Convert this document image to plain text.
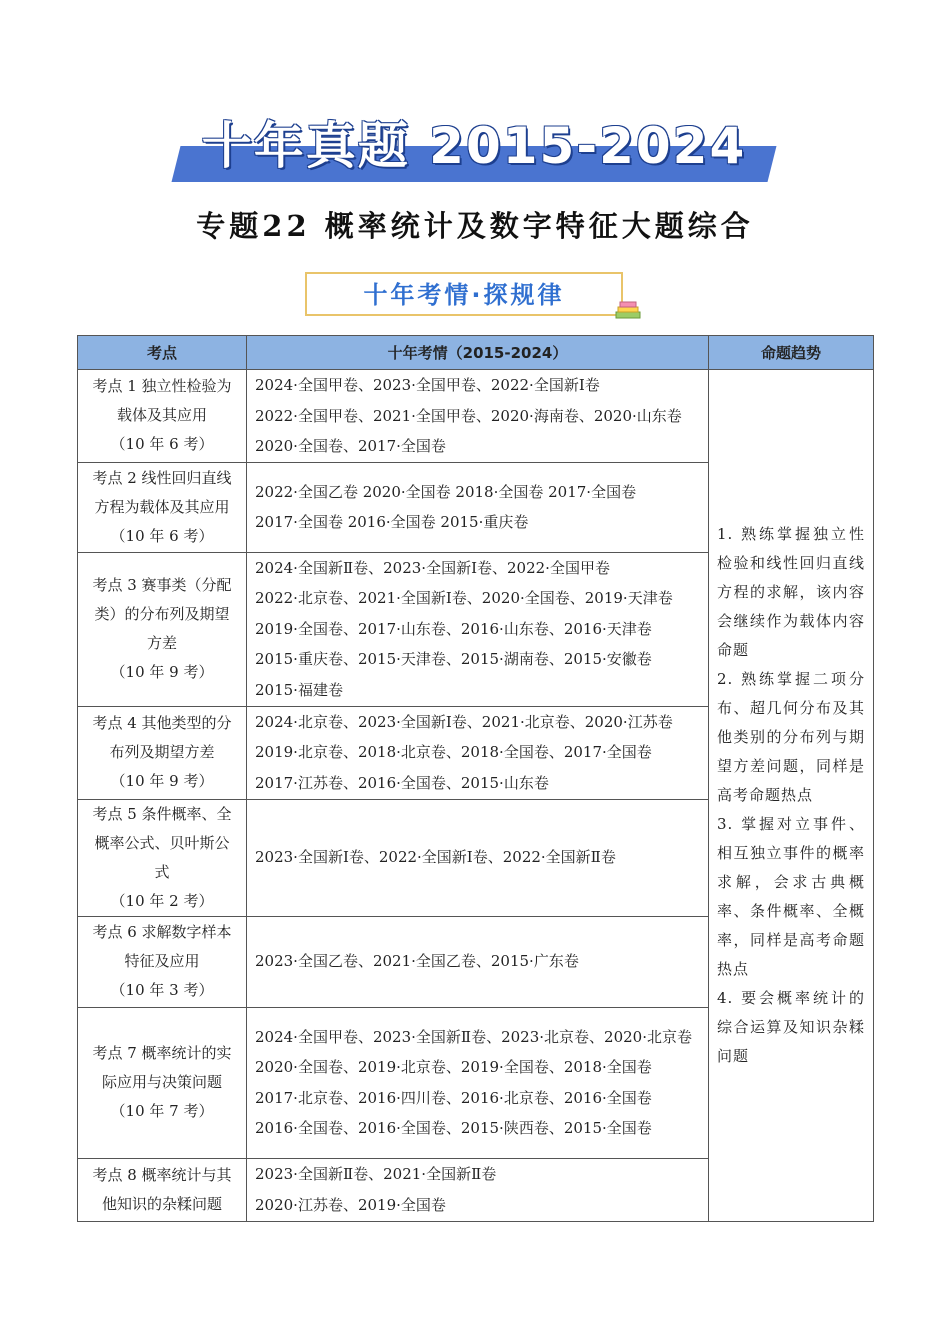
十年真题 2015-2024
专题22 概率统计及数字特征大题综合
十年考情·探规律
考点	十年考情（2015-2024）	命题趋势

考点 1 独立性检验为
载体及其应用
（10 年 6 考）	2024·全国甲卷、2023·全国甲卷、2022·全国新Ⅰ卷
2022·全国甲卷、2021·全国甲卷、2020·海南卷、2020·山东卷
2020·全国卷、2017·全国卷	1. 熟练掌握独立性检验和线性回归直线方程的求解，该内容会继续作为载体内容命题
2. 熟练掌握二项分布、超几何分布及其他类别的分布列与期望方差问题，同样是高考命题热点
3. 掌握对立事件、相互独立事件的概率求解，会求古典概率、条件概率、全概率，同样是高考命题热点
4. 要会概率统计的综合运算及知识杂糅问题

考点 2 线性回归直线
方程为载体及其应用
（10 年 6 考）	2022·全国乙卷 2020·全国卷 2018·全国卷 2017·全国卷
2017·全国卷 2016·全国卷 2015·重庆卷	

考点 3 赛事类（分配
类）的分布列及期望
方差
（10 年 9 考）	2024·全国新Ⅱ卷、2023·全国新Ⅰ卷、2022·全国甲卷
2022·北京卷、2021·全国新Ⅰ卷、2020·全国卷、2019·天津卷
2019·全国卷、2017·山东卷、2016·山东卷、2016·天津卷
2015·重庆卷、2015·天津卷、2015·湖南卷、2015·安徽卷
2015·福建卷	

考点 4 其他类型的分
布列及期望方差
（10 年 9 考）	2024·北京卷、2023·全国新Ⅰ卷、2021·北京卷、2020·江苏卷
2019·北京卷、2018·北京卷、2018·全国卷、2017·全国卷
2017·江苏卷、2016·全国卷、2015·山东卷	

考点 5 条件概率、全
概率公式、贝叶斯公
式
（10 年 2 考）	2023·全国新Ⅰ卷、2022·全国新Ⅰ卷、2022·全国新Ⅱ卷	

考点 6 求解数字样本
特征及应用
（10 年 3 考）	2023·全国乙卷、2021·全国乙卷、2015·广东卷	

考点 7 概率统计的实
际应用与决策问题
（10 年 7 考）	2024·全国甲卷、2023·全国新Ⅱ卷、2023·北京卷、2020·北京卷
2020·全国卷、2019·北京卷、2019·全国卷、2018·全国卷
2017·北京卷、2016·四川卷、2016·北京卷、2016·全国卷
2016·全国卷、2016·全国卷、2015·陕西卷、2015·全国卷	

考点 8 概率统计与其
他知识的杂糅问题	2023·全国新Ⅱ卷、2021·全国新Ⅱ卷
2020·江苏卷、2019·全国卷	
